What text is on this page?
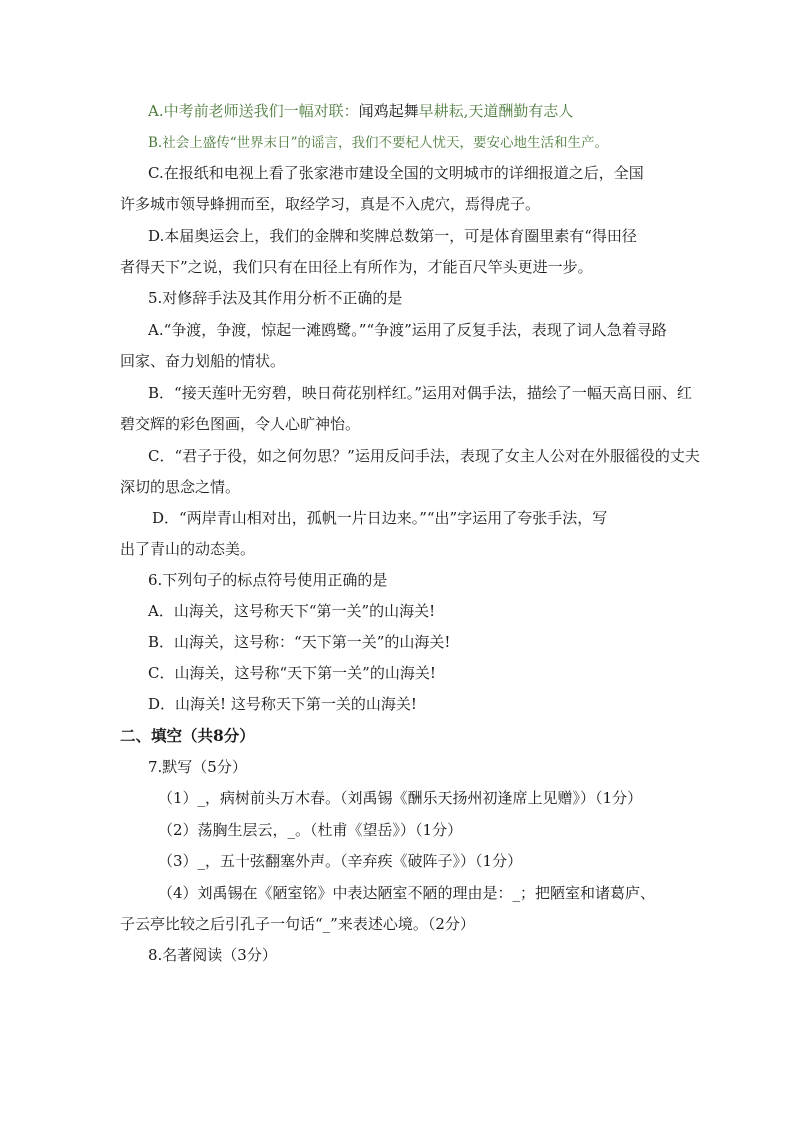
A.中考前老师送我们一幅对联：闻鸡起舞早耕耘,天道酬勤有志人
B.社会上盛传“世界末日”的谣言，我们不要杞人忧天，要安心地生活和生产。
C.在报纸和电视上看了张家港市建设全国的文明城市的详细报道之后，全国
许多城市领导蜂拥而至，取经学习，真是不入虎穴，焉得虎子。
D.本届奥运会上，我们的金牌和奖牌总数第一，可是体育圈里素有“得田径
者得天下”之说，我们只有在田径上有所作为，才能百尺竿头更进一步。
5.对修辞手法及其作用分析不正确的是
A.“争渡，争渡，惊起一滩鸥鹭。”“争渡”运用了反复手法，表现了词人急着寻路
回家、奋力划船的情状。
B．“接天莲叶无穷碧，映日荷花别样红。”运用对偶手法，描绘了一幅天高日丽、红
碧交辉的彩色图画，令人心旷神怡。
C．“君子于役，如之何勿思？”运用反问手法，表现了女主人公对在外服徭役的丈夫
深切的思念之情。
D．“两岸青山相对出，孤帆一片日边来。”“出”字运用了夸张手法，写
出了青山的动态美。
6.下列句子的标点符号使用正确的是
A．山海关，这号称天下“第一关”的山海关!
B．山海关，这号称：“天下第一关”的山海关!
C．山海关，这号称“天下第一关”的山海关!
D．山海关! 这号称天下第一关的山海关!
二、填空（共8分）
7.默写（5分）
（1）_，病树前头万木春。（刘禹锡《酬乐天扬州初逢席上见赠》）（1分）
（2）荡胸生层云，_。（杜甫《望岳》）（1分）
（3）_，五十弦翻塞外声。（辛弃疾《破阵子》）（1分）
（4）刘禹锡在《陋室铭》中表达陋室不陋的理由是：_；把陋室和诸葛庐、
子云亭比较之后引孔子一句话“_”来表述心境。（2分）
8.名著阅读（3分）
